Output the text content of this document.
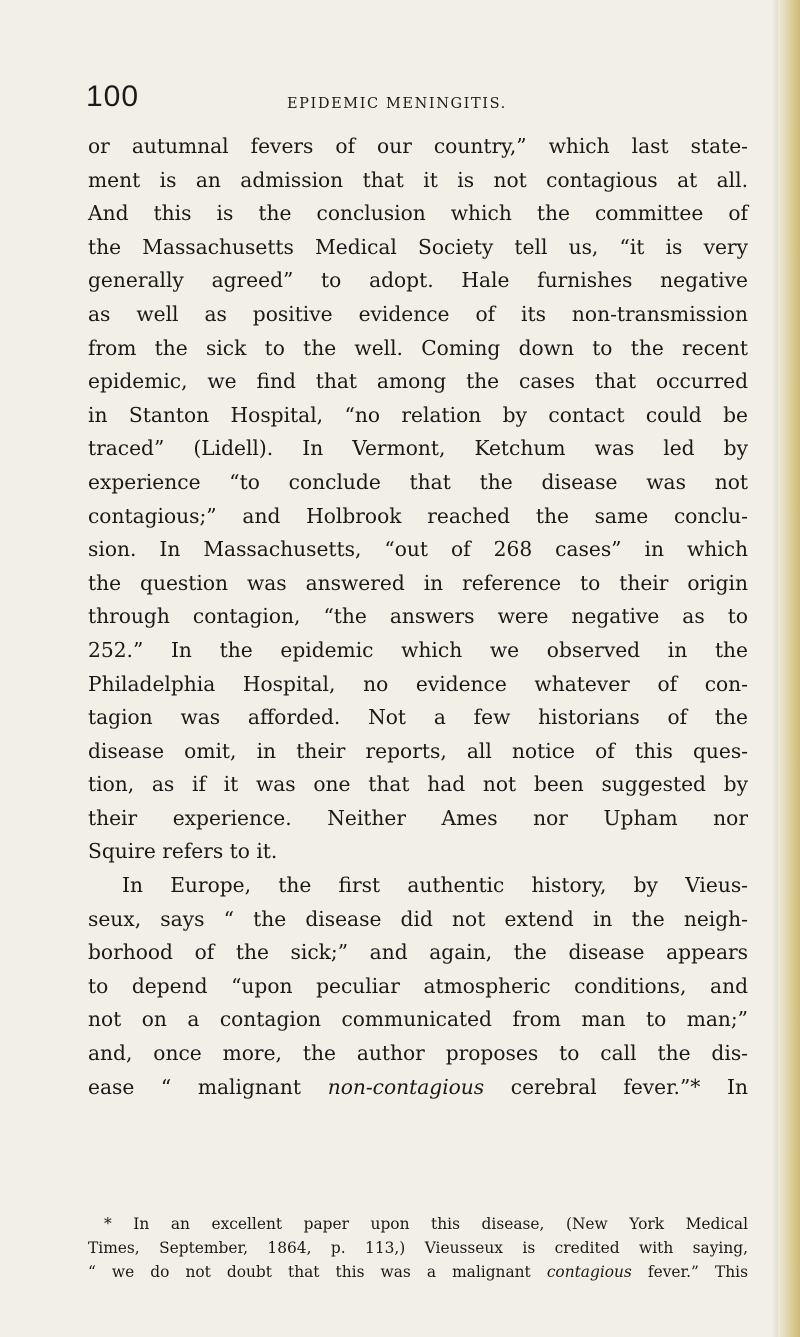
100	EPIDEMIC MENINGITIS.
or autumnal fevers of our country,” which last state-
ment is an admission that it is not contagious at all.
And this is the conclusion which the committee of
the Massachusetts Medical Society tell us, “it is very
generally agreed” to adopt. Hale furnishes negative
as well as positive evidence of its non-transmission
from the sick to the well. Coming down to the recent
epidemic, we find that among the cases that occurred
in Stanton Hospital, “no relation by contact could be
traced” (Lidell). In Vermont, Ketchum was led by
experience “to conclude that the disease was not
contagious;” and Holbrook reached the same conclu-
sion. In Massachusetts, “out of 268 cases” in which
the question was answered in reference to their origin
through contagion, “the answers were negative as to
252.” In the epidemic which we observed in the
Philadelphia Hospital, no evidence whatever of con-
tagion was afforded. Not a few historians of the
disease omit, in their reports, all notice of this ques-
tion, as if it was one that had not been suggested by
their experience. Neither Ames nor Upham nor
Squire refers to it.
In Europe, the first authentic history, by Vieus-
seux, says “ the disease did not extend in the neigh-
borhood of the sick;” and again, the disease appears
to depend “upon peculiar atmospheric conditions, and
not on a contagion communicated from man to man;”
and, once more, the author proposes to call the dis-
ease “ malignant non-contagious cerebral fever.”* In
* In an excellent paper upon this disease, (New York Medical
Times, September, 1864, p. 113,) Vieusseux is credited with saying,
“ we do not doubt that this was a malignant contagious fever.” This
